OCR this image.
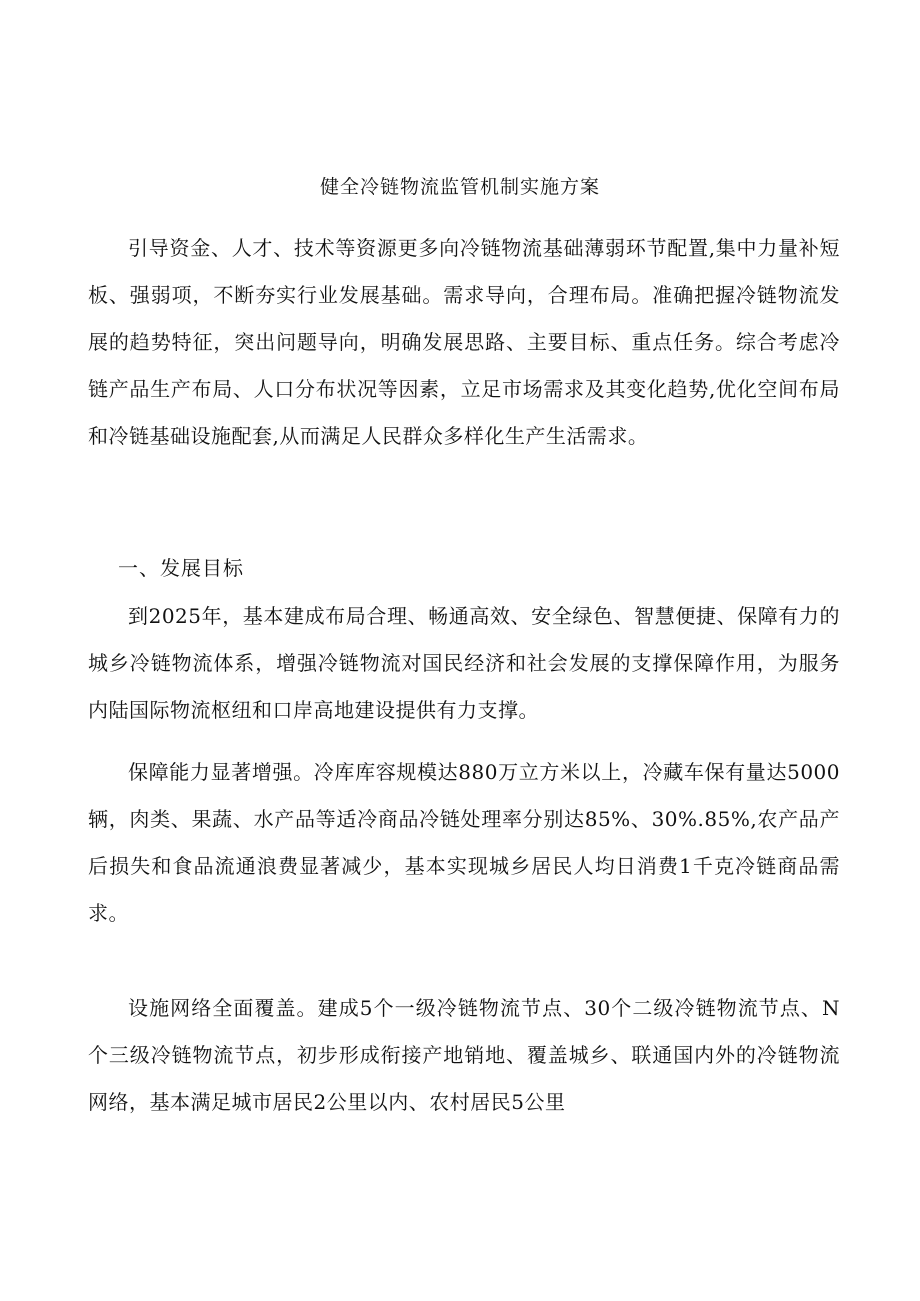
健全冷链物流监管机制实施方案

引导资金、人才、技术等资源更多向冷链物流基础薄弱环节配置,集中力量补短板、强弱项，不断夯实行业发展基础。需求导向，合理布局。准确把握冷链物流发展的趋势特征，突出问题导向，明确发展思路、主要目标、重点任务。综合考虑冷链产品生产布局、人口分布状况等因素，立足市场需求及其变化趋势,优化空间布局和冷链基础设施配套,从而满足人民群众多样化生产生活需求。

一、发展目标

到2025年，基本建成布局合理、畅通高效、安全绿色、智慧便捷、保障有力的城乡冷链物流体系，增强冷链物流对国民经济和社会发展的支撑保障作用，为服务内陆国际物流枢纽和口岸高地建设提供有力支撑。

保障能力显著增强。冷库库容规模达880万立方米以上，冷藏车保有量达5000辆，肉类、果蔬、水产品等适冷商品冷链处理率分别达85%、30%.85%,农产品产后损失和食品流通浪费显著减少，基本实现城乡居民人均日消费1千克冷链商品需求。

设施网络全面覆盖。建成5个一级冷链物流节点、30个二级冷链物流节点、N个三级冷链物流节点，初步形成衔接产地销地、覆盖城乡、联通国内外的冷链物流网络，基本满足城市居民2公里以内、农村居民5公里
